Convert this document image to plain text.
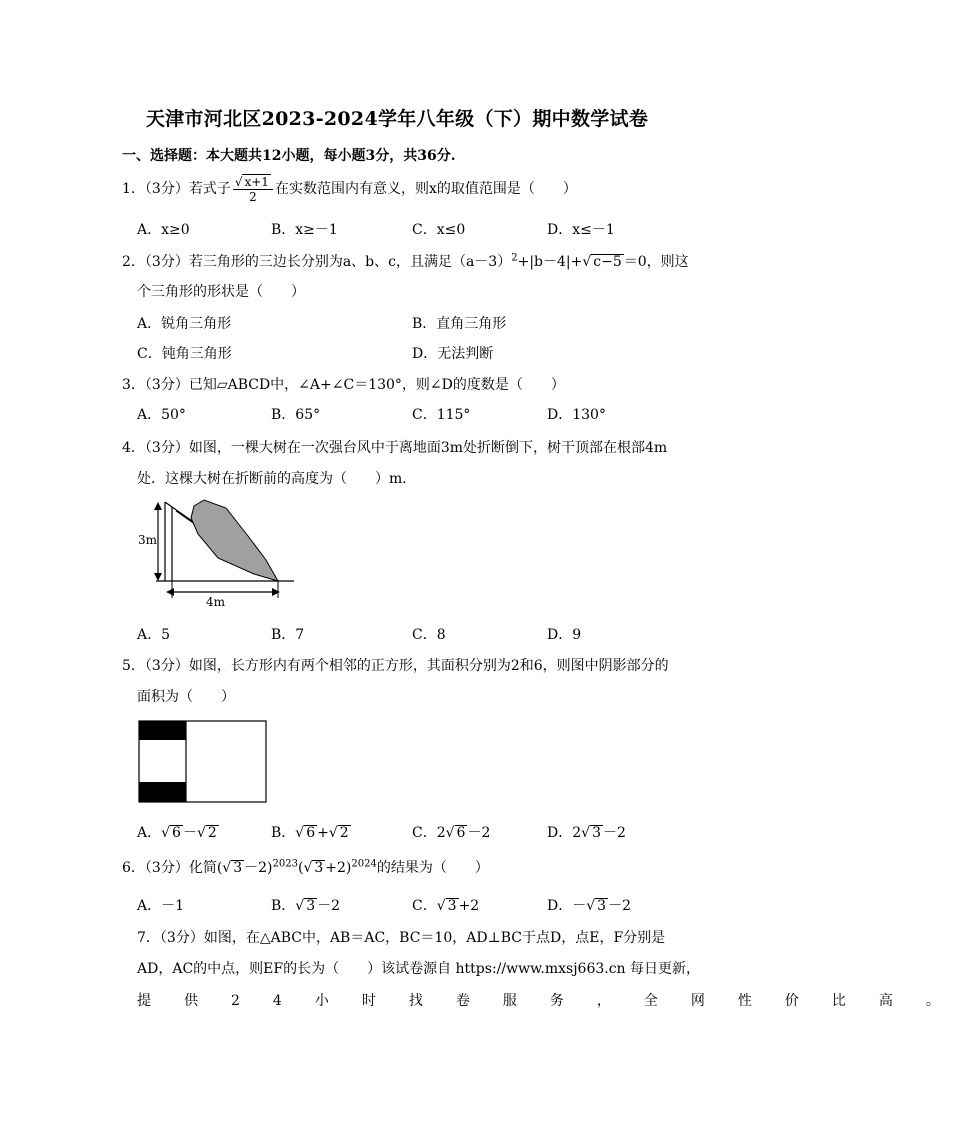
天津市河北区2023-2024学年八年级（下）期中数学试卷
一、选择题：本大题共12小题，每小题3分，共36分.
1．（3分）若式子 $\frac{√ x+1}{2}$ 在实数范围内有意义，则x的取值范围是（　　）
A．x≥0	B．x≥－1	C．x≤0	D．x≤－1
2．（3分）若三角形的三边长分别为a、b、c，且满足$(a-3)^2+|b-4|+√$ c−5 ＝0，则这
个三角形的形状是（　　）
A．锐角三角形	B．直角三角形
C．钝角三角形	D．无法判断
3．（3分）已知▱ABCD中，∠A+∠C＝130°，则∠D的度数是（　　）
A．50°	B．65°	C．115°	D．130°
4．（3分）如图，一棵大树在一次强台风中于离地面3m处折断倒下，树干顶部在根部4m
处．这棵大树在折断前的高度为（　　）m．
3m
4m
A．5	B．7	C．8	D．9
5．（3分）如图，长方形内有两个相邻的正方形，其面积分别为2和6，则图中阴影部分的
面积为（　　）
A．√ 6 －√ 2	B．√ 6 +√ 2	C．2√ 6 －2	D．2√ 3 －2
6．（3分）化简(√ 3 －2)$^{2023}$(√ 3 +2)$^{2024}$的结果为（　　）
A．－1	B．√ 3 －2	C．√ 3 +2	D．－√ 3 －2
7．（3分）如图，在△ABC中，AB＝AC，BC＝10，AD⊥BC于点D，点E，F分别是
AD，AC的中点，则EF的长为（　　）该试卷源自 https://www.mxsj663.cn 每日更新，
提供24小时找卷服务，全网性价比高。
